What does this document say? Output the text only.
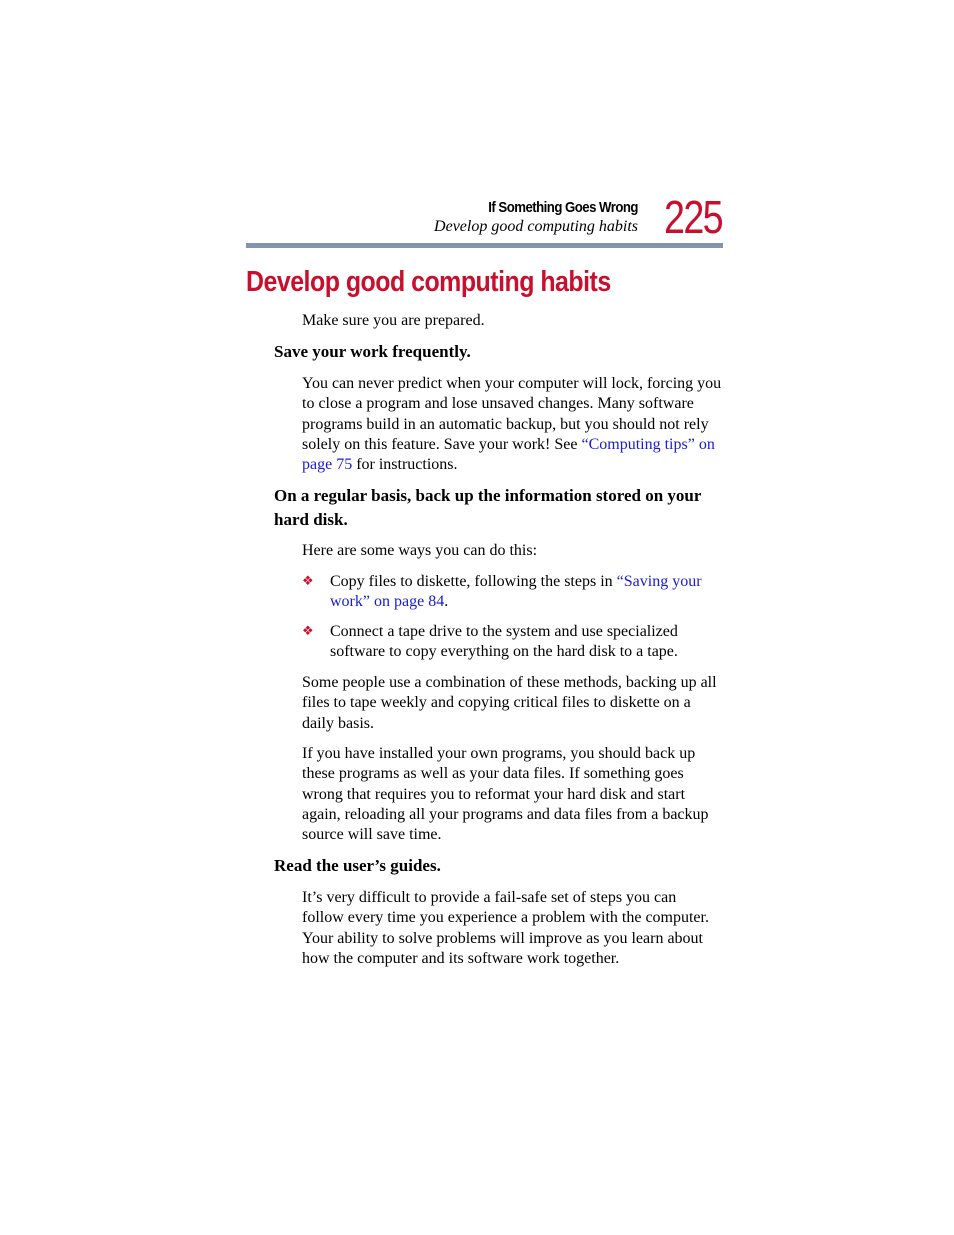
If Something Goes Wrong
Develop good computing habits 225
Develop good computing habits

Make sure you are prepared.

Save your work frequently.

You can never predict when your computer will lock, forcing you to close a program and lose unsaved changes. Many software programs build in an automatic backup, but you should not rely solely on this feature. Save your work! See “Computing tips” on page 75 for instructions.

On a regular basis, back up the information stored on your hard disk.

Here are some ways you can do this:

❖ Copy files to diskette, following the steps in “Saving your work” on page 84.
❖ Connect a tape drive to the system and use specialized software to copy everything on the hard disk to a tape.

Some people use a combination of these methods, backing up all files to tape weekly and copying critical files to diskette on a daily basis.

If you have installed your own programs, you should back up these programs as well as your data files. If something goes wrong that requires you to reformat your hard disk and start again, reloading all your programs and data files from a backup source will save time.

Read the user’s guides.

It’s very difficult to provide a fail-safe set of steps you can follow every time you experience a problem with the computer. Your ability to solve problems will improve as you learn about how the computer and its software work together.
